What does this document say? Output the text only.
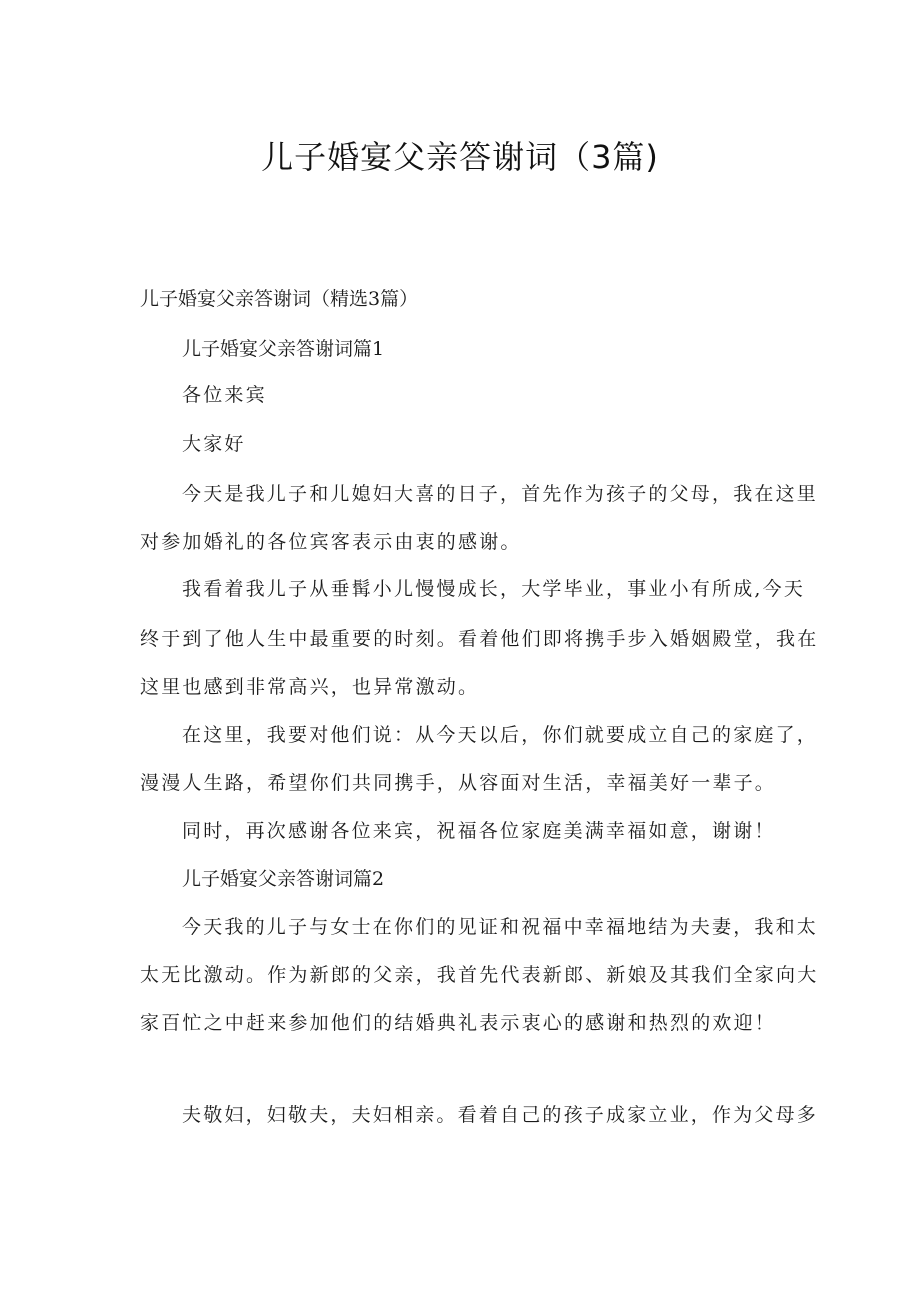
儿子婚宴父亲答谢词（3篇)

儿子婚宴父亲答谢词（精选3篇）

儿子婚宴父亲答谢词篇1

各位来宾

大家好

今天是我儿子和儿媳妇大喜的日子，首先作为孩子的父母，我在这里

对参加婚礼的各位宾客表示由衷的感谢。

我看着我儿子从垂髯小儿慢慢成长，大学毕业，事业小有所成,今天

终于到了他人生中最重要的时刻。看着他们即将携手步入婚姻殿堂，我在

这里也感到非常高兴，也异常激动。

在这里，我要对他们说：从今天以后，你们就要成立自己的家庭了，

漫漫人生路，希望你们共同携手，从容面对生活，幸福美好一辈子。

同时，再次感谢各位来宾，祝福各位家庭美满幸福如意，谢谢！

儿子婚宴父亲答谢词篇2

今天我的儿子与女士在你们的见证和祝福中幸福地结为夫妻，我和太

太无比激动。作为新郎的父亲，我首先代表新郎、新娘及其我们全家向大

家百忙之中赶来参加他们的结婚典礼表示衷心的感谢和热烈的欢迎！

夫敬妇，妇敬夫，夫妇相亲。看着自己的孩子成家立业，作为父母多
